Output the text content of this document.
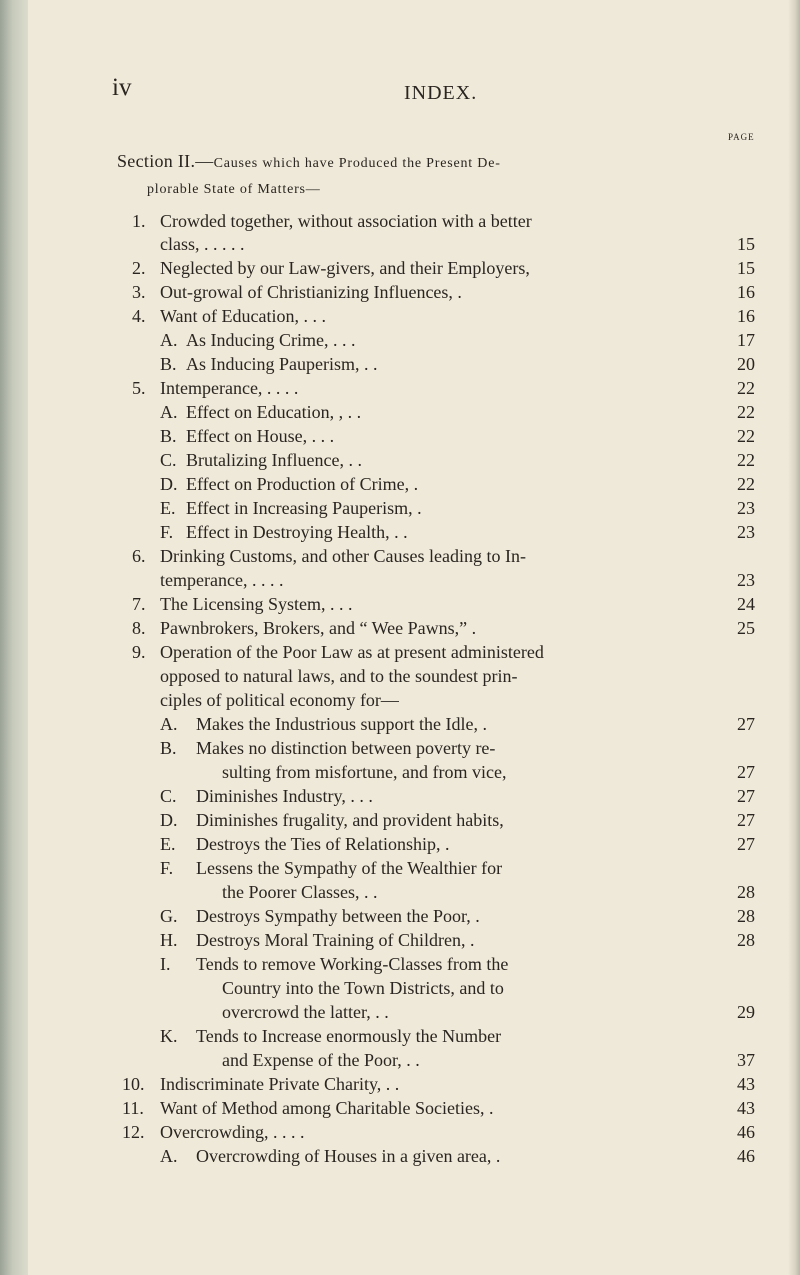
iv	INDEX.
PAGE
Section II.—Causes which have Produced the Present De-
plorable State of Matters—
1. Crowded together, without association with a better
class, . . . . .	15
2. Neglected by our Law-givers, and their Employers,	15
3. Out-growal of Christianizing Influences, .	16
4. Want of Education, . . .	16
A. As Inducing Crime, . . .	17
B. As Inducing Pauperism, . .	20
5. Intemperance, . . . .	22
A. Effect on Education, , . .	22
B. Effect on House, . . .	22
C. Brutalizing Influence, . .	22
D. Effect on Production of Crime, .	22
E. Effect in Increasing Pauperism, .	23
F. Effect in Destroying Health, . .	23
6. Drinking Customs, and other Causes leading to In-
temperance, . . . .	23
7. The Licensing System, . . .	24
8. Pawnbrokers, Brokers, and “ Wee Pawns,” .	25
9. Operation of the Poor Law as at present administered
opposed to natural laws, and to the soundest prin-
ciples of political economy for—
A. Makes the Industrious support the Idle, .	27
B. Makes no distinction between poverty re-
sulting from misfortune, and from vice,	27
C. Diminishes Industry, . . .	27
D. Diminishes frugality, and provident habits,	27
E. Destroys the Ties of Relationship, .	27
F. Lessens the Sympathy of the Wealthier for
the Poorer Classes, . .	28
G. Destroys Sympathy between the Poor, .	28
H. Destroys Moral Training of Children, .	28
I. Tends to remove Working-Classes from the
Country into the Town Districts, and to
overcrowd the latter, . .	29
K. Tends to Increase enormously the Number
and Expense of the Poor, . .	37
10. Indiscriminate Private Charity, . .	43
11. Want of Method among Charitable Societies, .	43
12. Overcrowding, . . . .	46
A. Overcrowding of Houses in a given area, .	46
